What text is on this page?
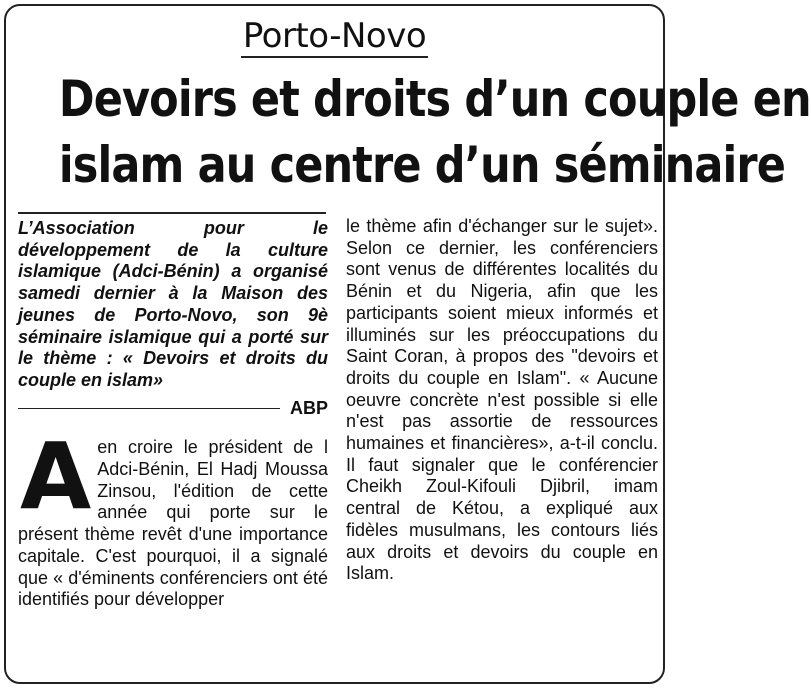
Porto-Novo
Devoirs et droits d’un couple en
islam au centre d’un séminaire
L’Association pour le développement de la culture islamique (Adci-Bénin) a organisé samedi dernier à la Maison des jeunes de Porto-Novo, son 9è séminaire islamique qui a porté sur le thème : « Devoirs et droits du couple en islam»
ABP
A en croire le président de l Adci-Bénin, El Hadj Moussa Zinsou, l'édition de cette année qui porte sur le présent thème revêt d'une importance capitale. C'est pourquoi, il a signalé que « d'éminents conférenciers ont été identifiés pour développer
le thème afin d'échanger sur le sujet». Selon ce dernier, les conférenciers sont venus de différentes localités du Bénin et du Nigeria, afin que les participants soient mieux informés et illuminés sur les préoccupations du Saint Coran, à propos des "devoirs et droits du couple en Islam". « Aucune oeuvre concrète n'est possible si elle n'est pas assortie de ressources humaines et financières», a-t-il conclu. Il faut signaler que le conférencier Cheikh Zoul-Kifouli Djibril, imam central de Kétou, a expliqué aux fidèles musulmans, les contours liés aux droits et devoirs du couple en Islam.
